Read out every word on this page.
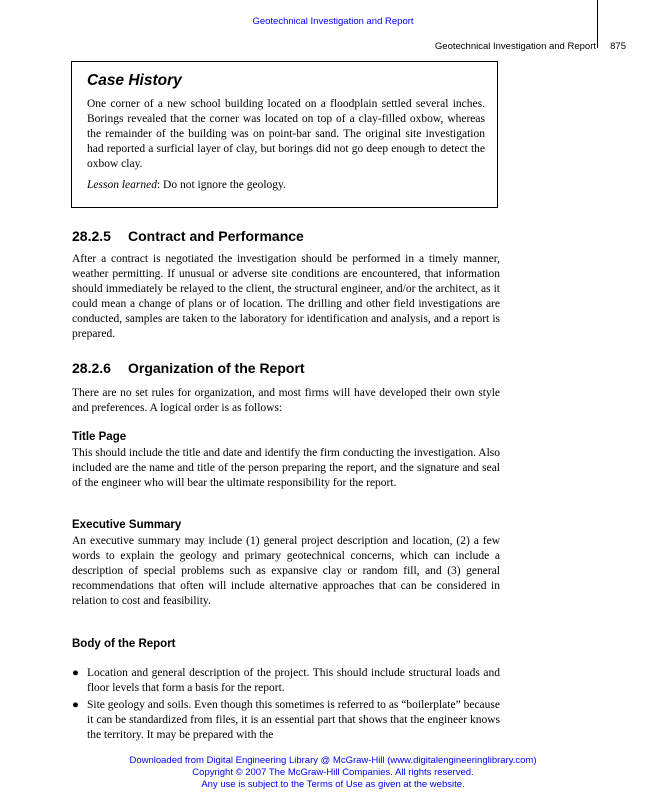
Geotechnical Investigation and Report
Geotechnical Investigation and Report 875
Case History
One corner of a new school building located on a floodplain settled several inches. Borings revealed that the corner was located on top of a clay-filled oxbow, whereas the remainder of the building was on point-bar sand. The original site investigation had reported a surficial layer of clay, but borings did not go deep enough to detect the oxbow clay.
Lesson learned: Do not ignore the geology.
28.2.5 Contract and Performance
After a contract is negotiated the investigation should be performed in a timely manner, weather permitting. If unusual or adverse site conditions are encountered, that information should immediately be relayed to the client, the structural engineer, and/or the architect, as it could mean a change of plans or of location. The drilling and other field investigations are conducted, samples are taken to the laboratory for identification and analysis, and a report is prepared.
28.2.6 Organization of the Report
There are no set rules for organization, and most firms will have developed their own style and preferences. A logical order is as follows:
Title Page
This should include the title and date and identify the firm conducting the investigation. Also included are the name and title of the person preparing the report, and the signature and seal of the engineer who will bear the ultimate responsibility for the report.
Executive Summary
An executive summary may include (1) general project description and location, (2) a few words to explain the geology and primary geotechnical concerns, which can include a description of special problems such as expansive clay or random fill, and (3) general recommendations that often will include alternative approaches that can be considered in relation to cost and feasibility.
Body of the Report
● Location and general description of the project. This should include structural loads and floor levels that form a basis for the report.
● Site geology and soils. Even though this sometimes is referred to as “boilerplate” because it can be standardized from files, it is an essential part that shows that the engineer knows the territory. It may be prepared with the
Downloaded from Digital Engineering Library @ McGraw-Hill (www.digitalengineeringlibrary.com)
Copyright © 2007 The McGraw-Hill Companies. All rights reserved.
Any use is subject to the Terms of Use as given at the website.
